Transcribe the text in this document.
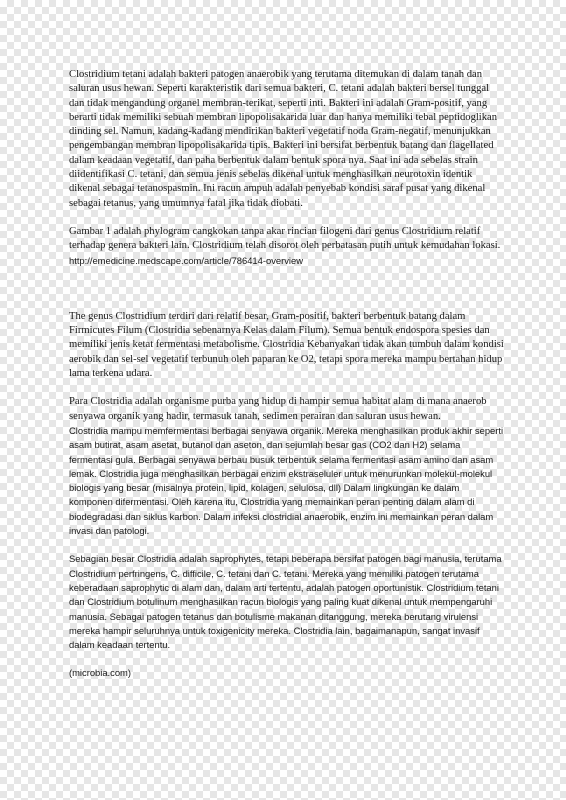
Clostridium tetani adalah bakteri patogen anaerobik yang terutama ditemukan di dalam tanah dan saluran usus hewan. Seperti karakteristik dari semua bakteri, C. tetani adalah bakteri bersel tunggal dan tidak mengandung organel membran-terikat, seperti inti. Bakteri ini adalah Gram-positif, yang berarti tidak memiliki sebuah membran lipopolisakarida luar dan hanya memiliki tebal peptidoglikan dinding sel. Namun, kadang-kadang mendirikan bakteri vegetatif noda Gram-negatif, menunjukkan pengembangan membran lipopolisakarida tipis. Bakteri ini bersifat berbentuk batang dan flagellated dalam keadaan vegetatif, dan paha berbentuk dalam bentuk spora nya. Saat ini ada sebelas strain diidentifikasi C. tetani, dan semua jenis sebelas dikenal untuk menghasilkan neurotoxin identik dikenal sebagai tetanospasmin. Ini racun ampuh adalah penyebab kondisi saraf pusat yang dikenal sebagai tetanus, yang umumnya fatal jika tidak diobati.

Gambar 1 adalah phylogram cangkokan tanpa akar rincian filogeni dari genus Clostridium relatif terhadap genera bakteri lain. Clostridium telah disorot oleh perbatasan putih untuk kemudahan lokasi.

http://emedicine.medscape.com/article/786414-overview

The genus Clostridium terdiri dari relatif besar, Gram-positif, bakteri berbentuk batang dalam Firmicutes Filum (Clostridia sebenarnya Kelas dalam Filum). Semua bentuk endospora spesies dan memiliki jenis ketat fermentasi metabolisme. Clostridia Kebanyakan tidak akan tumbuh dalam kondisi aerobik dan sel-sel vegetatif terbunuh oleh paparan ke O2, tetapi spora mereka mampu bertahan hidup lama terkena udara.

Para Clostridia adalah organisme purba yang hidup di hampir semua habitat alam di mana anaerob senyawa organik yang hadir, termasuk tanah, sedimen perairan dan saluran usus hewan.

Clostridia mampu memfermentasi berbagai senyawa organik. Mereka menghasilkan produk akhir seperti asam butirat, asam asetat, butanol dan aseton, dan sejumlah besar gas (CO2 dan H2) selama fermentasi gula. Berbagai senyawa berbau busuk terbentuk selama fermentasi asam amino dan asam lemak. Clostridia juga menghasilkan berbagai enzim ekstraseluler untuk menurunkan molekul-molekul biologis yang besar (misalnya protein, lipid, kolagen, selulosa, dll) Dalam lingkungan ke dalam komponen difermentasi. Oleh karena itu, Clostridia yang memainkan peran penting dalam alam di biodegradasi dan siklus karbon. Dalam infeksi clostridial anaerobik, enzim ini memainkan peran dalam invasi dan patologi.

Sebagian besar Clostridia adalah saprophytes, tetapi beberapa bersifat patogen bagi manusia, terutama Clostridium perfringens, C. difficile, C. tetani dan C. tetani. Mereka yang memiliki patogen terutama keberadaan saprophytic di alam dan, dalam arti tertentu, adalah patogen oportunistik. Clostridium tetani dan Clostridium botulinum menghasilkan racun biologis yang paling kuat dikenal untuk mempengaruhi manusia. Sebagai patogen tetanus dan botulisme makanan ditanggung, mereka berutang virulensi mereka hampir seluruhnya untuk toxigenicity mereka. Clostridia lain, bagaimanapun, sangat invasif dalam keadaan tertentu.

(microbia.com)
